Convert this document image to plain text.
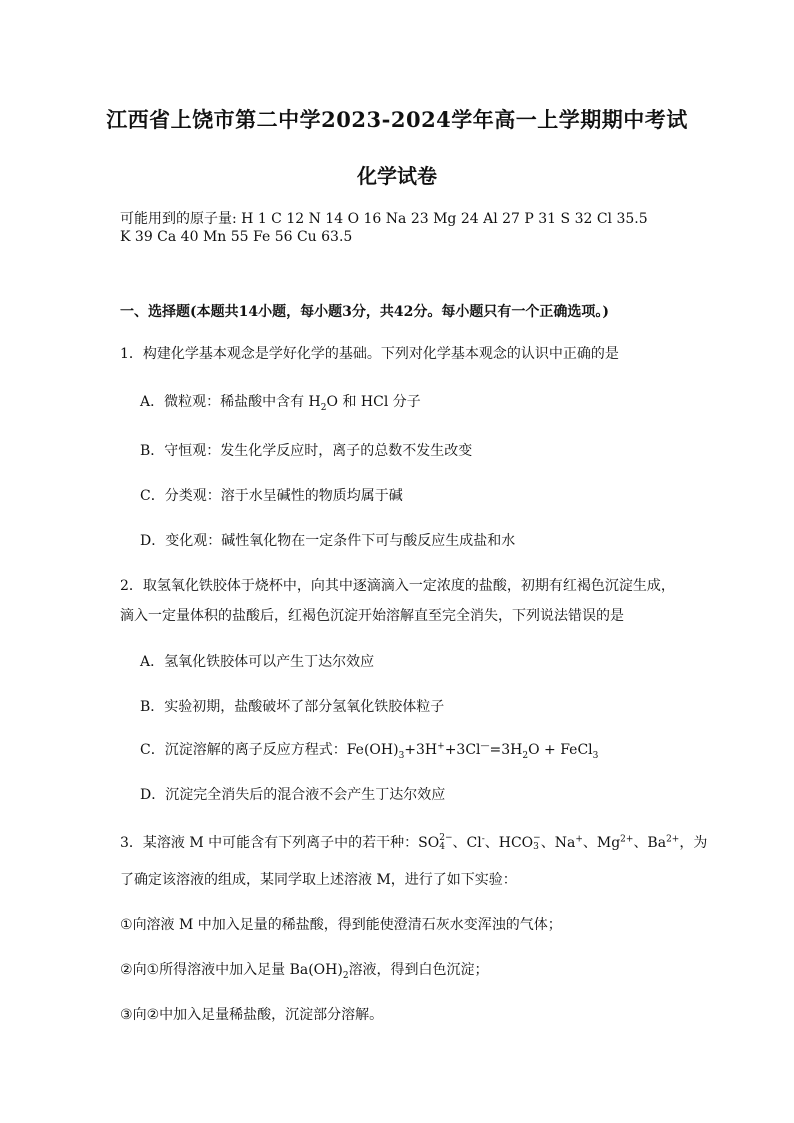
江西省上饶市第二中学2023-2024学年高一上学期期中考试
化学试卷
可能用到的原子量: H 1 C 12 N 14 O 16 Na 23 Mg 24 Al 27 P 31 S 32 Cl 35.5
K 39 Ca 40 Mn 55 Fe 56 Cu 63.5
一、选择题(本题共14小题，每小题3分，共42分。每小题只有一个正确选项。)
1．构建化学基本观念是学好化学的基础。下列对化学基本观念的认识中正确的是
A．微粒观：稀盐酸中含有 $H_2O$ 和 HCl 分子
B．守恒观：发生化学反应时，离子的总数不发生改变
C．分类观：溶于水呈碱性的物质均属于碱
D．变化观：碱性氧化物在一定条件下可与酸反应生成盐和水
2．取氢氧化铁胶体于烧杯中，向其中逐滴滴入一定浓度的盐酸，初期有红褐色沉淀生成，
滴入一定量体积的盐酸后，红褐色沉淀开始溶解直至完全消失，下列说法错误的是
A．氢氧化铁胶体可以产生丁达尔效应
B．实验初期，盐酸破坏了部分氢氧化铁胶体粒子
C．沉淀溶解的离子反应方程式：$Fe(OH)_3+3H^++3Cl^—=3H_2O$ + FeCl$_3$
D．沉淀完全消失后的混合液不会产生丁达尔效应
3．某溶液 M 中可能含有下列离子中的若干种：SO2−
4 、Cl-、HCO−
3 、Na+、$Mg^{2+}$、$Ba^{2+}$，为
了确定该溶液的组成，某同学取上述溶液 M，进行了如下实验：
①向溶液 M 中加入足量的稀盐酸，得到能使澄清石灰水变浑浊的气体；
②向①所得溶液中加入足量 $Ba(OH)_2$溶液，得到白色沉淀；
③向②中加入足量稀盐酸，沉淀部分溶解。
